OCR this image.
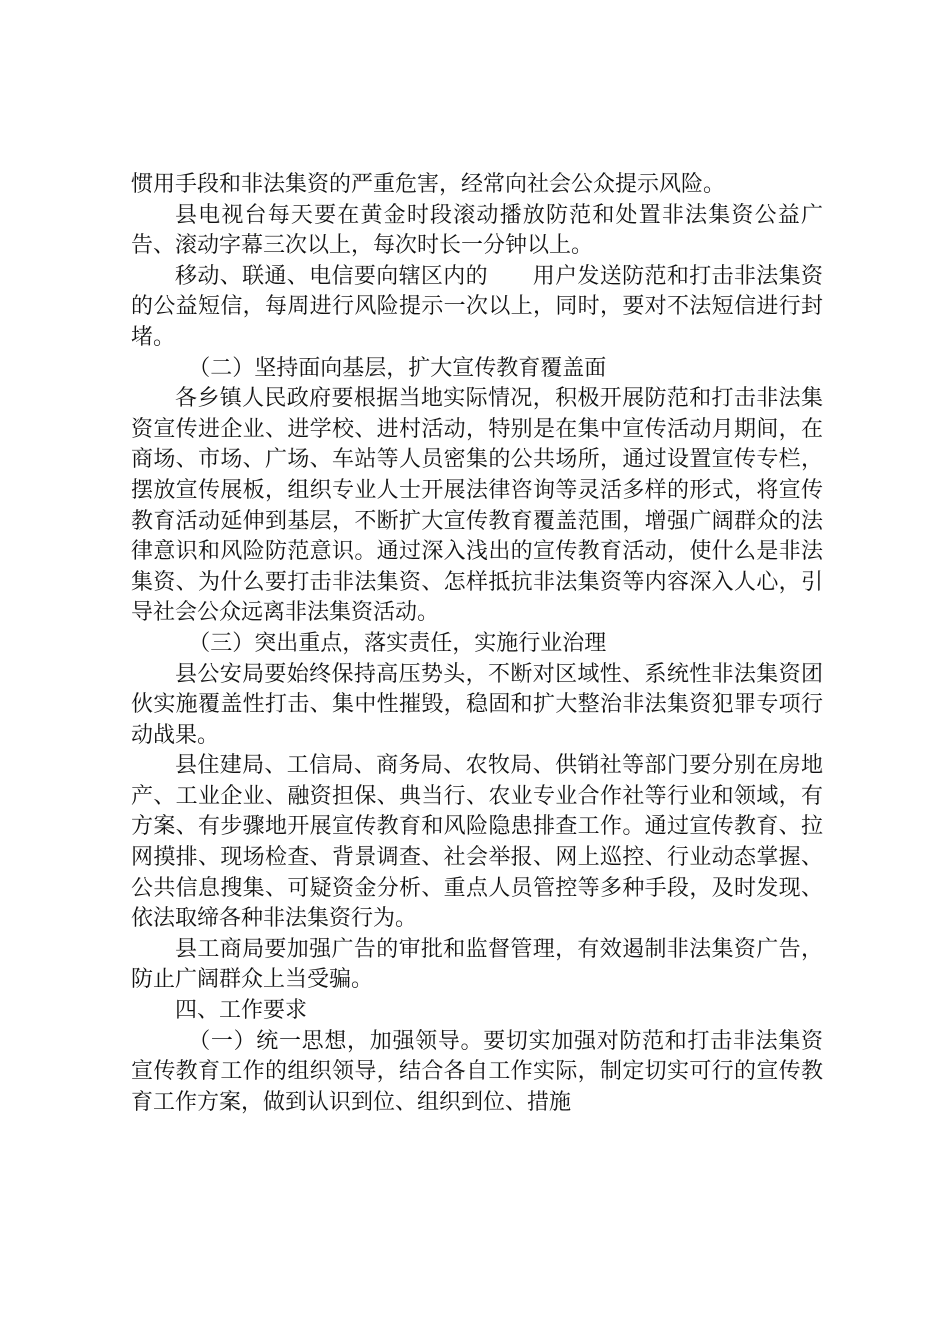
惯用手段和非法集资的严重危害，经常向社会公众提示风险。

县电视台每天要在黄金时段滚动播放防范和处置非法集资公益广告、滚动字幕三次以上，每次时长一分钟以上。

移动、联通、电信要向辖区内的　　用户发送防范和打击非法集资的公益短信，每周进行风险提示一次以上，同时，要对不法短信进行封堵。

（二）坚持面向基层，扩大宣传教育覆盖面

各乡镇人民政府要根据当地实际情况，积极开展防范和打击非法集资宣传进企业、进学校、进村活动，特别是在集中宣传活动月期间，在商场、市场、广场、车站等人员密集的公共场所，通过设置宣传专栏，摆放宣传展板，组织专业人士开展法律咨询等灵活多样的形式，将宣传教育活动延伸到基层，不断扩大宣传教育覆盖范围，增强广阔群众的法律意识和风险防范意识。通过深入浅出的宣传教育活动，使什么是非法集资、为什么要打击非法集资、怎样抵抗非法集资等内容深入人心，引导社会公众远离非法集资活动。

（三）突出重点，落实责任，实施行业治理

县公安局要始终保持高压势头，不断对区域性、系统性非法集资团伙实施覆盖性打击、集中性摧毁，稳固和扩大整治非法集资犯罪专项行动战果。

县住建局、工信局、商务局、农牧局、供销社等部门要分别在房地产、工业企业、融资担保、典当行、农业专业合作社等行业和领域，有方案、有步骤地开展宣传教育和风险隐患排查工作。通过宣传教育、拉网摸排、现场检查、背景调查、社会举报、网上巡控、行业动态掌握、公共信息搜集、可疑资金分析、重点人员管控等多种手段，及时发现、依法取缔各种非法集资行为。

县工商局要加强广告的审批和监督管理，有效遏制非法集资广告，防止广阔群众上当受骗。

四、工作要求

（一）统一思想，加强领导。要切实加强对防范和打击非法集资宣传教育工作的组织领导，结合各自工作实际，制定切实可行的宣传教育工作方案，做到认识到位、组织到位、措施
